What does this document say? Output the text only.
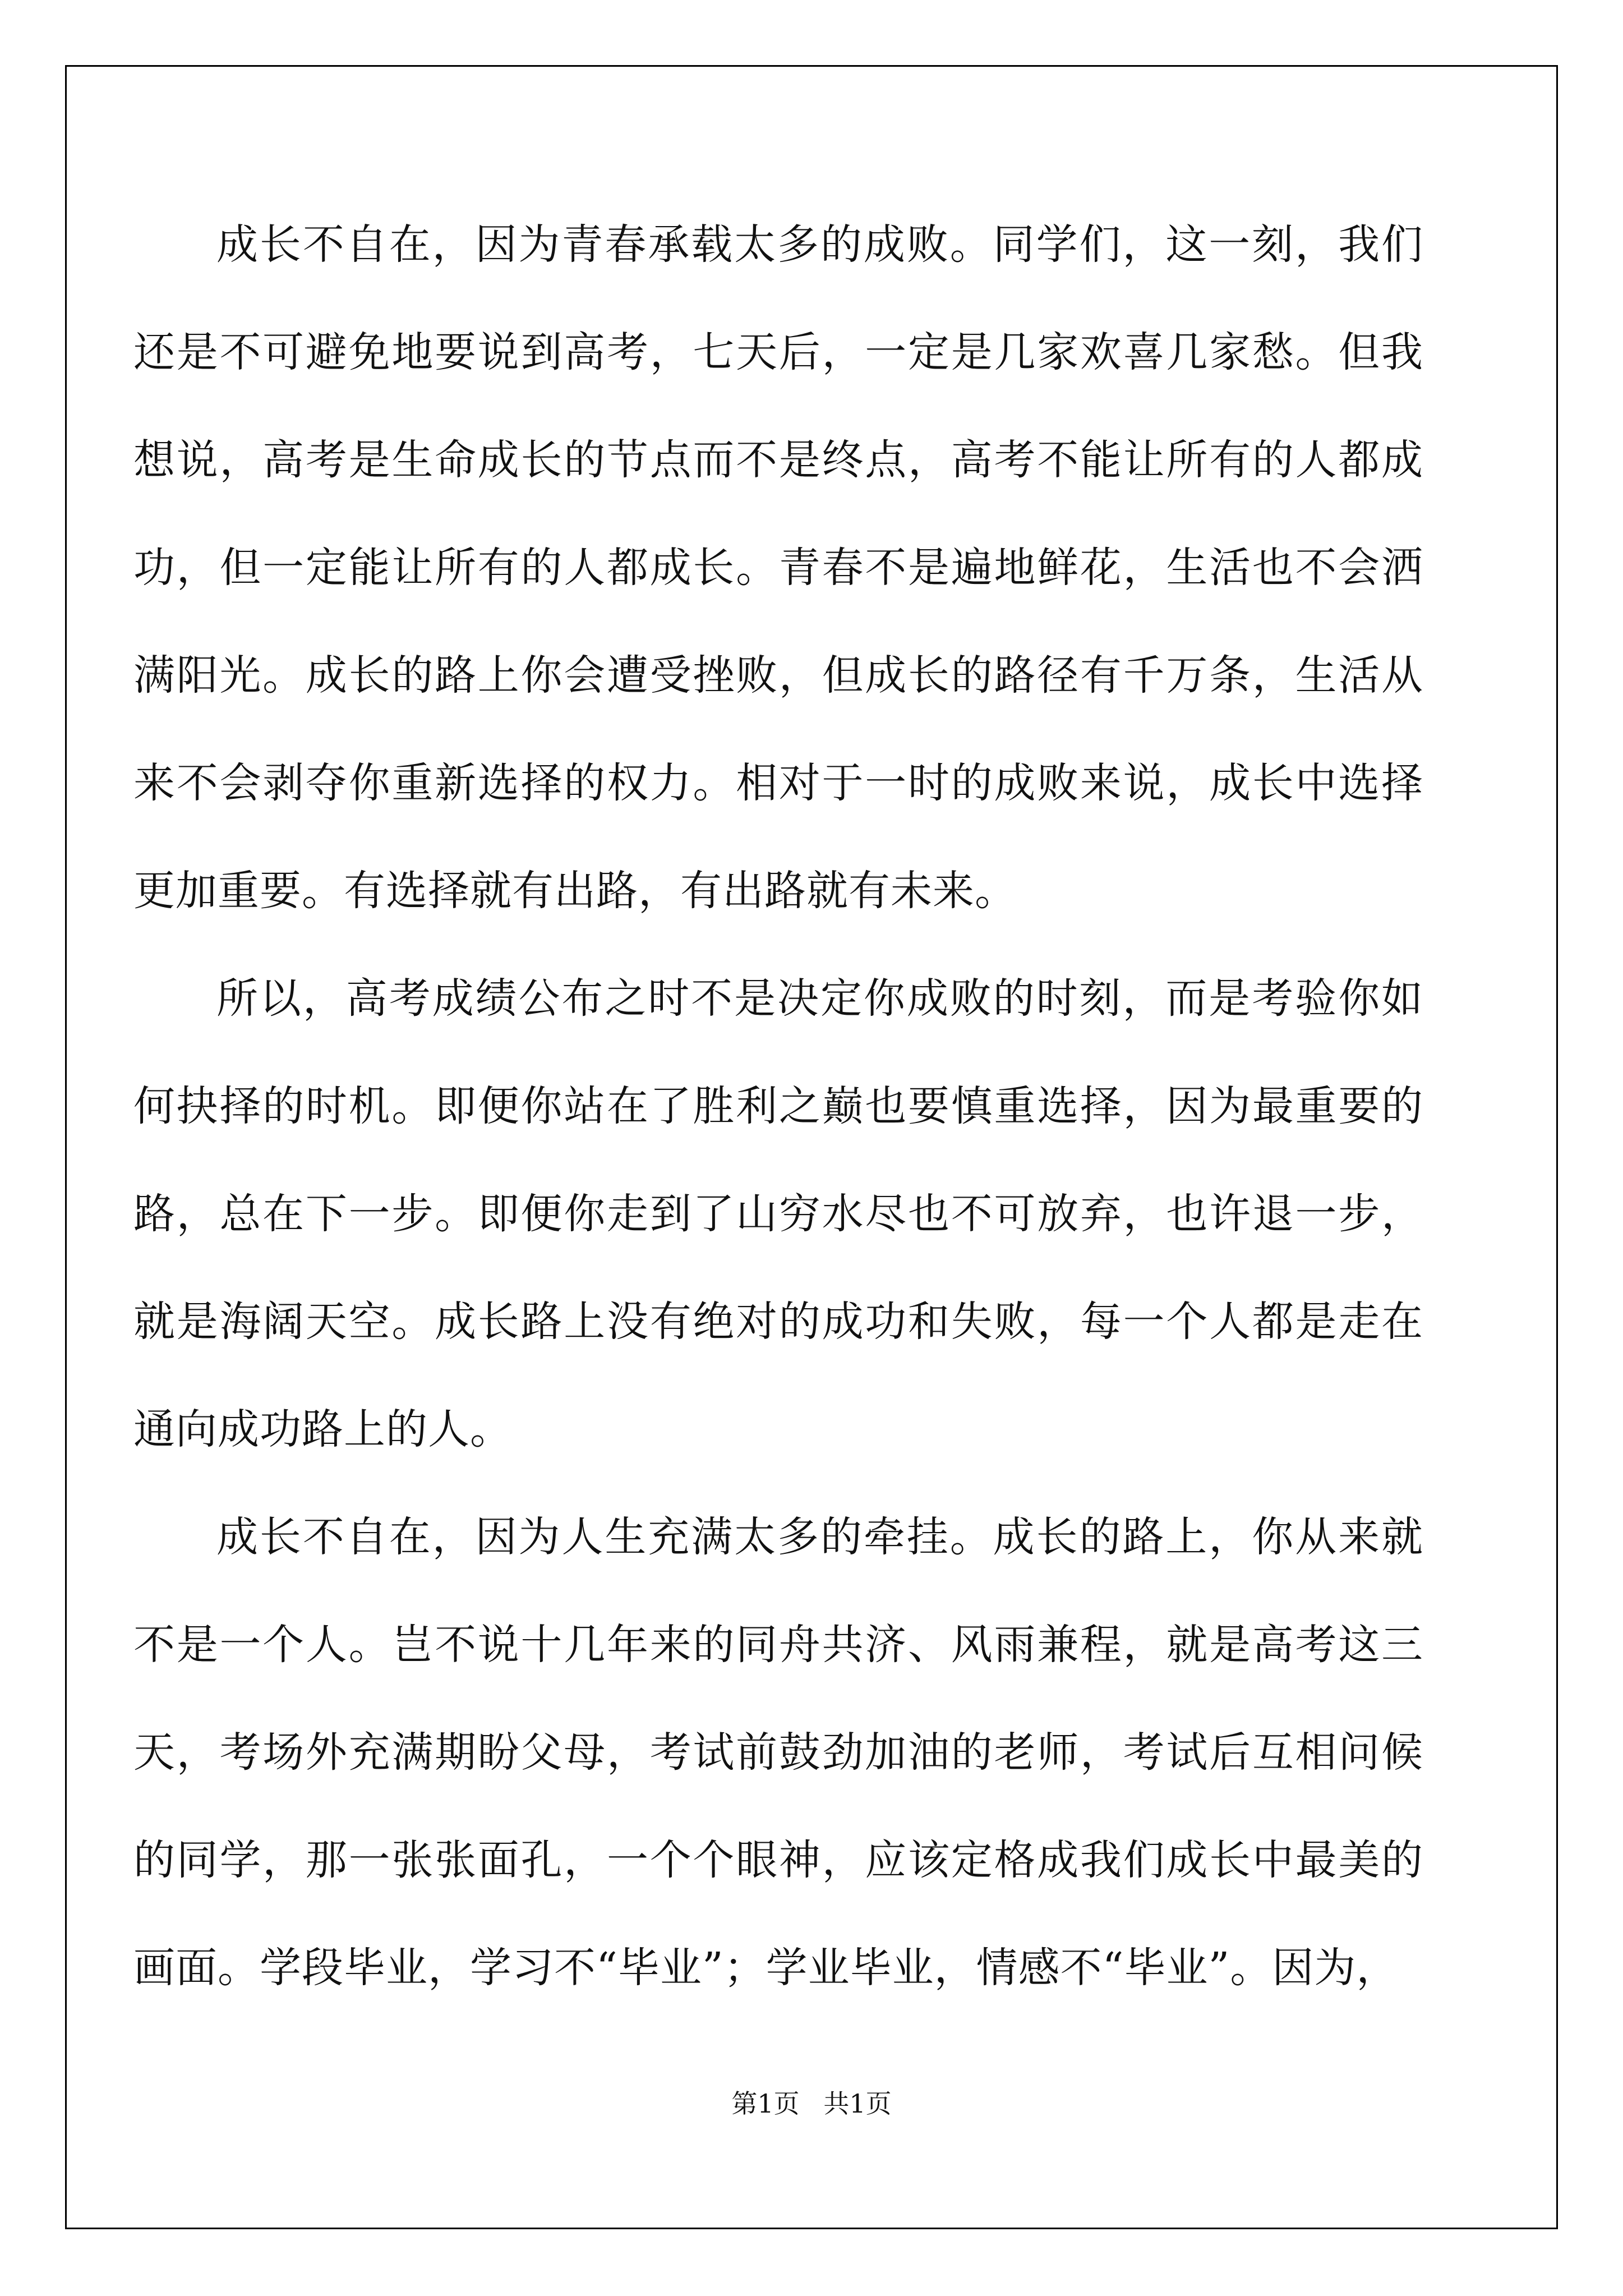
成长不自在，因为青春承载太多的成败。同学们，这一刻，我们还是不可避免地要说到高考，七天后，一定是几家欢喜几家愁。但我想说，高考是生命成长的节点而不是终点，高考不能让所有的人都成功，但一定能让所有的人都成长。青春不是遍地鲜花，生活也不会洒满阳光。成长的路上你会遭受挫败，但成长的路径有千万条，生活从来不会剥夺你重新选择的权力。相对于一时的成败来说，成长中选择更加重要。有选择就有出路，有出路就有未来。

所以，高考成绩公布之时不是决定你成败的时刻，而是考验你如何抉择的时机。即便你站在了胜利之巅也要慎重选择，因为最重要的路，总在下一步。即便你走到了山穷水尽也不可放弃，也许退一步，就是海阔天空。成长路上没有绝对的成功和失败，每一个人都是走在通向成功路上的人。

成长不自在，因为人生充满太多的牵挂。成长的路上，你从来就不是一个人。岂不说十几年来的同舟共济、风雨兼程，就是高考这三天，考场外充满期盼父母，考试前鼓劲加油的老师，考试后互相问候的同学，那一张张面孔，一个个眼神，应该定格成我们成长中最美的画面。学段毕业，学习不“毕业”；学业毕业，情感不“毕业”。因为，

第1页 共1页
